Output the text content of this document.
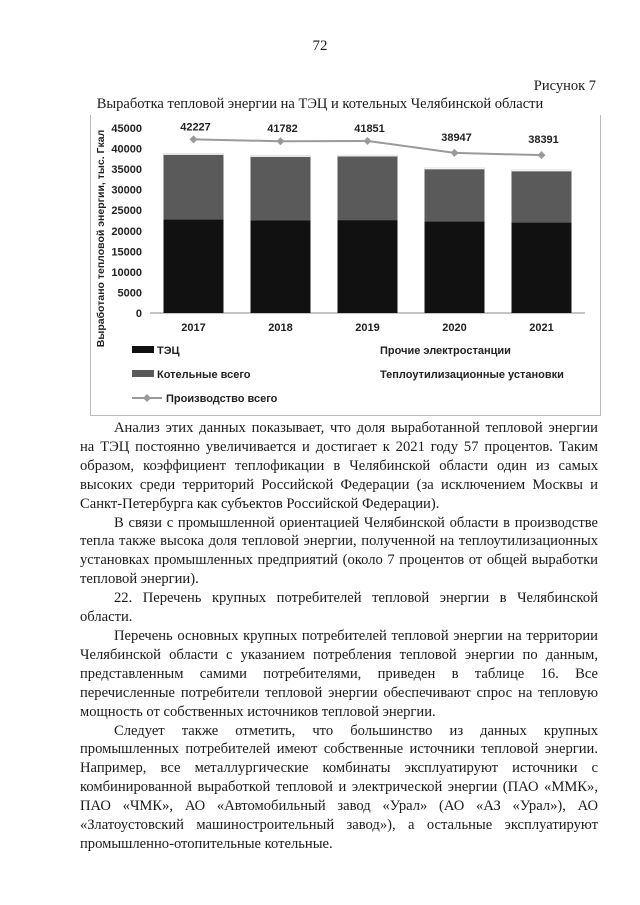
72
Рисунок 7
Выработка тепловой энергии на ТЭЦ и котельных Челябинской области
Выработано тепловой энергии, тыс. Гкал	0
5000
10000
15000
20000
25000
30000
35000
40000
45000
2017	2018	2019	2020	2021
42227	41782	41851
38947	38391
ТЭЦ	Прочие электростанции
Котельные всего	Теплоутилизационные установки
Производство всего

Анализ этих данных показывает, что доля выработанной тепловой энергии на ТЭЦ постоянно увеличивается и достигает к 2021 году 57 процентов. Таким образом, коэффициент теплофикации в Челябинской области один из самых высоких среди территорий Российской Федерации (за исключением Москвы и Санкт-Петербурга как субъектов Российской Федерации).

В связи с промышленной ориентацией Челябинской области в производстве тепла также высока доля тепловой энергии, полученной на теплоутилизационных установках промышленных предприятий (около 7 процентов от общей выработки тепловой энергии).

22. Перечень крупных потребителей тепловой энергии в Челябинской области.

Перечень основных крупных потребителей тепловой энергии на территории Челябинской области с указанием потребления тепловой энергии по данным, представленным самими потребителями, приведен в таблице 16. Все перечисленные потребители тепловой энергии обеспечивают спрос на тепловую мощность от собственных источников тепловой энергии.

Следует также отметить, что большинство из данных крупных промышленных потребителей имеют собственные источники тепловой энергии. Например, все металлургические комбинаты эксплуатируют источники с комбинированной выработкой тепловой и электрической энергии (ПАО «ММК», ПАО «ЧМК», АО «Автомобильный завод «Урал» (АО «АЗ «Урал»), АО «Златоустовский машиностроительный завод»), а остальные эксплуатируют промышленно-отопительные котельные.
